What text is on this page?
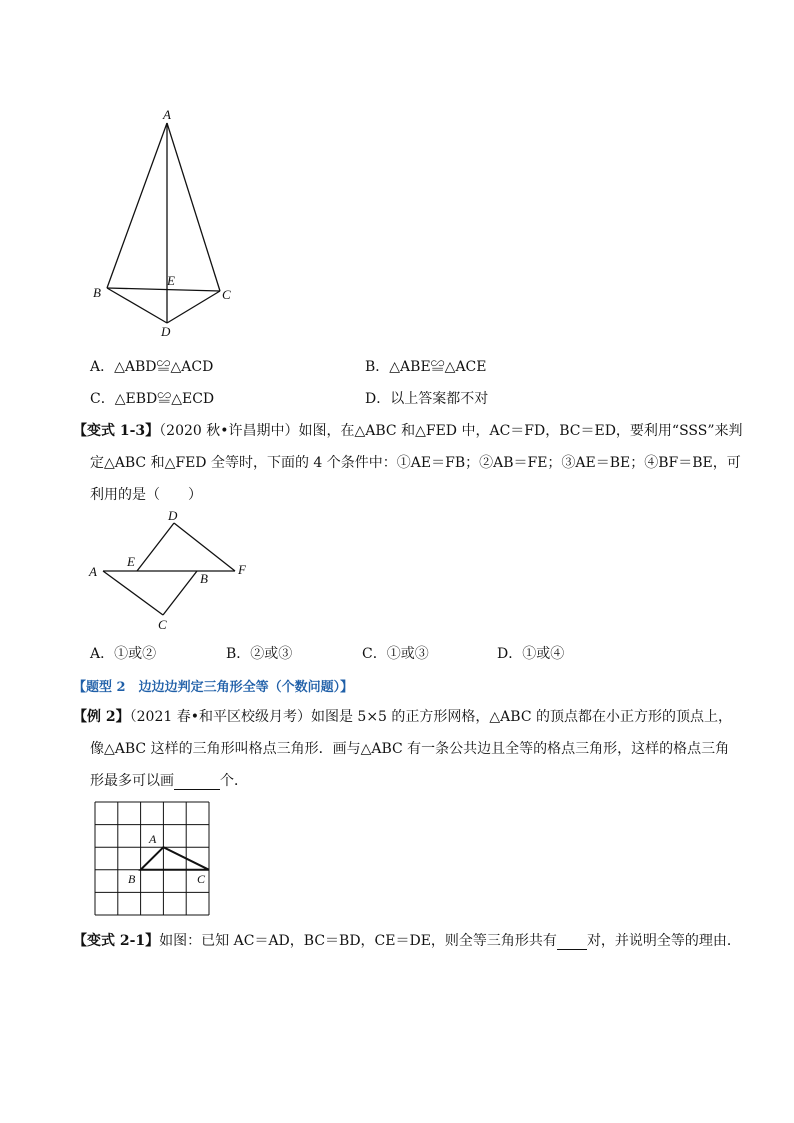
A
B	C
D
E
A．△ABD≌△ACD	B．△ABE≌△ACE
C．△EBD≌△ECD	D．以上答案都不对
【变式 1-3】（2020 秋•许昌期中）如图，在△ABC 和△FED 中，AC＝FD，BC＝ED，要利用“SSS”来判
定△ABC 和△FED 全等时，下面的 4 个条件中：①AE＝FB；②AB＝FE；③AE＝BE；④BF＝BE，可
利用的是（　　）
A
E
D
F
B
C
A．①或②	B．②或③	C．①或③	D．①或④
【题型 2　边边边判定三角形全等（个数问题）】
【例 2】（2021 春•和平区校级月考）如图是 5×5 的正方形网格，△ABC 的顶点都在小正方形的顶点上，
像△ABC 这样的三角形叫格点三角形．画与△ABC 有一条公共边且全等的格点三角形，这样的格点三角
形最多可以画	个．
A
B	C
【变式 2-1】如图：已知 AC＝AD，BC＝BD，CE＝DE，则全等三角形共有 对，并说明全等的理由．
